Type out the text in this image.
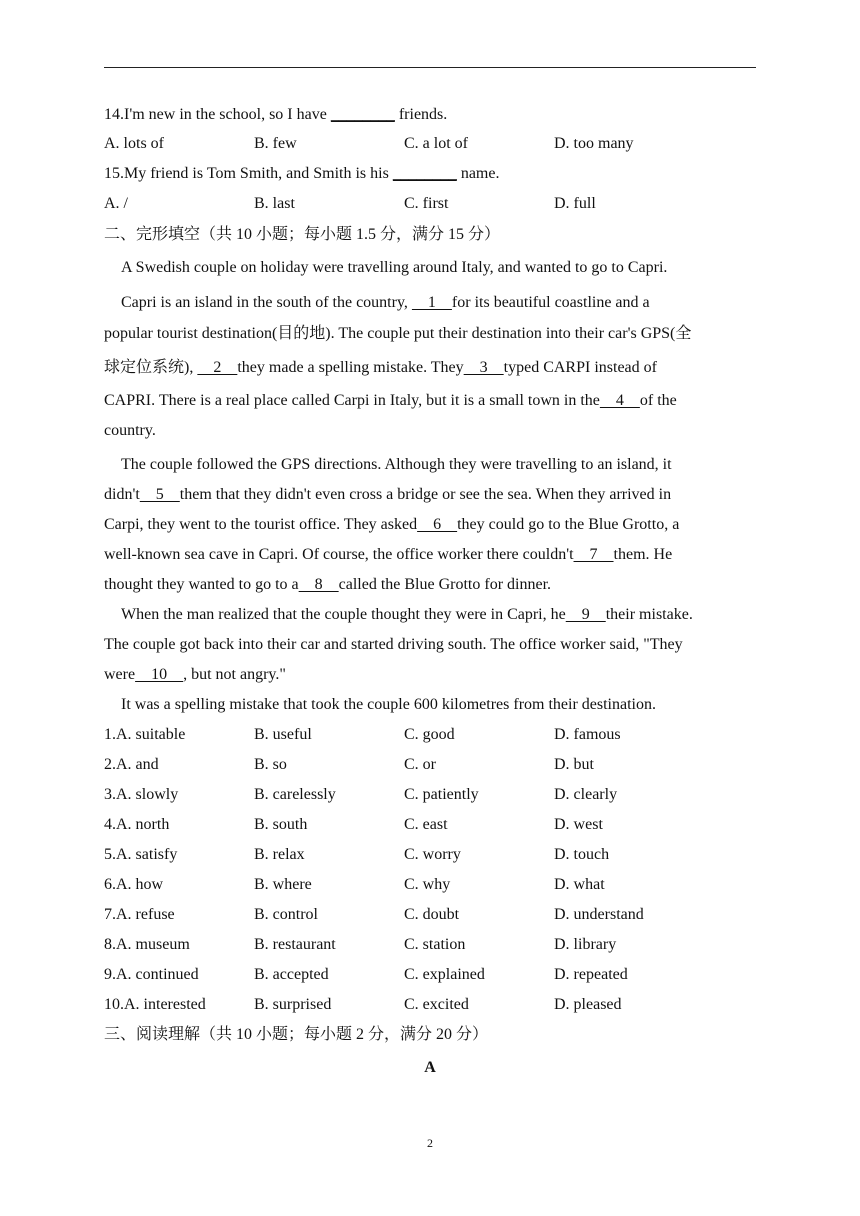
14.I'm new in the school, so I have ________ friends.
A. lots of	B. few	C. a lot of	D. too many
15.My friend is Tom Smith, and Smith is his ________ name.
A. /	B. last	C. first	D. full
二、完形填空（共 10 小题；每小题 1.5 分，满分 15 分）
A Swedish couple on holiday were travelling around Italy, and wanted to go to Capri.
Capri is an island in the south of the country,     1    for its beautiful coastline and a
popular tourist destination(目的地). The couple put their destination into their car's GPS(全
球定位系统),     2    they made a spelling mistake. They    3    typed CARPI instead of
CAPRI. There is a real place called Carpi in Italy, but it is a small town in the    4    of the
country.
The couple followed the GPS directions. Although they were travelling to an island, it
didn't    5    them that they didn't even cross a bridge or see the sea. When they arrived in
Carpi, they went to the tourist office. They asked    6    they could go to the Blue Grotto, a
well-known sea cave in Capri. Of course, the office worker there couldn't    7    them. He
thought they wanted to go to a    8    called the Blue Grotto for dinner.
When the man realized that the couple thought they were in Capri, he    9    their mistake.
The couple got back into their car and started driving south. The office worker said, "They
were    10    , but not angry."
It was a spelling mistake that took the couple 600 kilometres from their destination.
1.A. suitable	B. useful	C. good	D. famous
2.A. and	B. so	C. or	D. but
3.A. slowly	B. carelessly	C. patiently	D. clearly
4.A. north	B. south	C. east	D. west
5.A. satisfy	B. relax	C. worry	D. touch
6.A. how	B. where	C. why	D. what
7.A. refuse	B. control	C. doubt	D. understand
8.A. museum	B. restaurant	C. station	D. library
9.A. continued	B. accepted	C. explained	D. repeated
10.A. interested	B. surprised	C. excited	D. pleased
三、阅读理解（共 10 小题；每小题 2 分，满分 20 分）
A
2
